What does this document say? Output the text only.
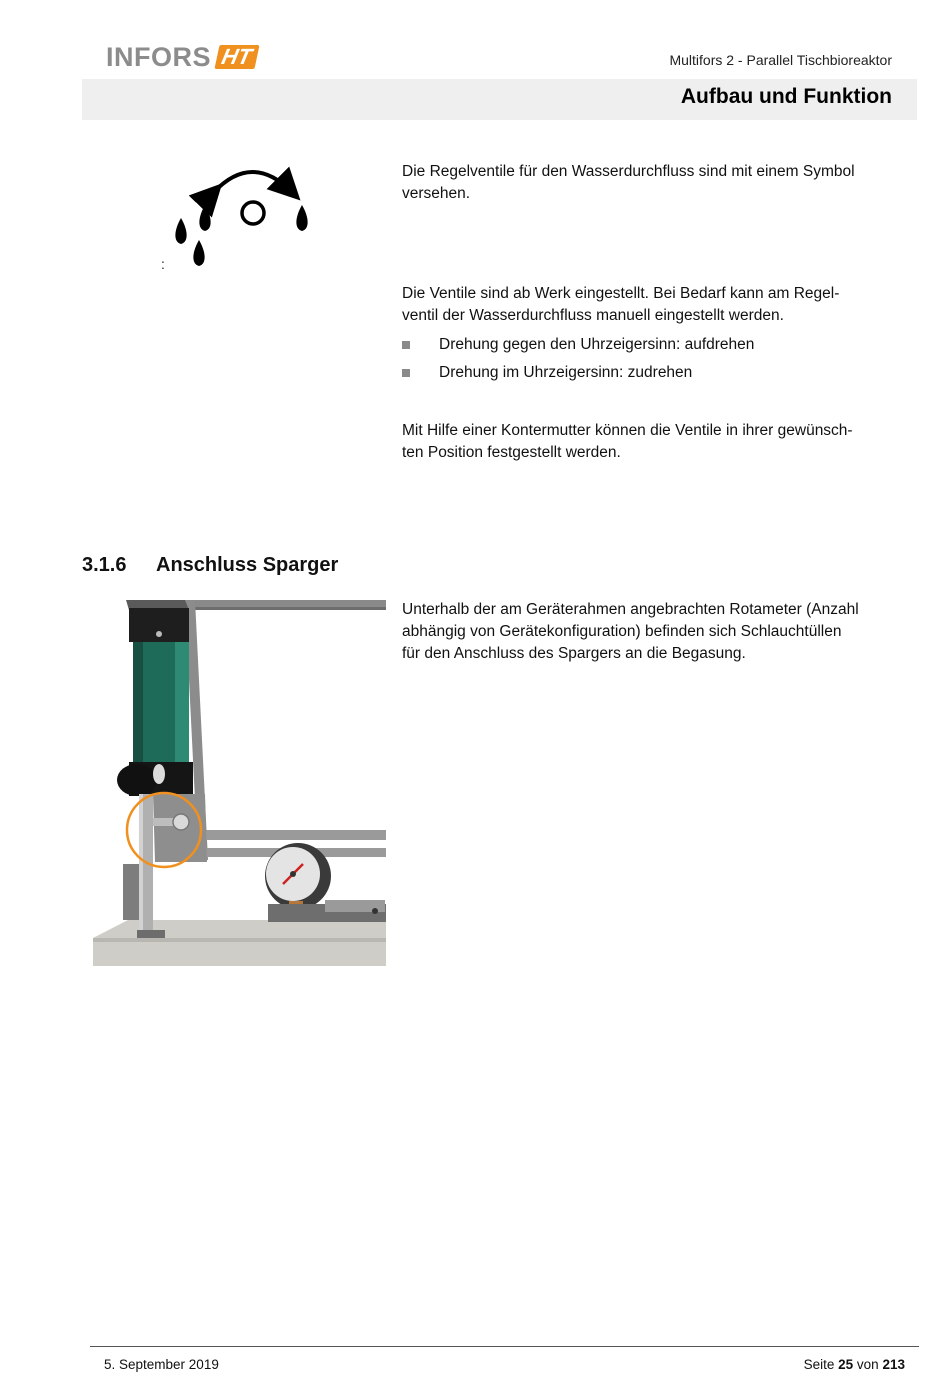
INFORS HT	Multifors 2 - Parallel Tischbioreaktor
Aufbau und Funktion
:
Die Regelventile für den Wasserdurchfluss sind mit einem Symbol
versehen.
Die Ventile sind ab Werk eingestellt. Bei Bedarf kann am Regel-
ventil der Wasserdurchfluss manuell eingestellt werden.
Drehung gegen den Uhrzeigersinn: aufdrehen
Drehung im Uhrzeigersinn: zudrehen
Mit Hilfe einer Kontermutter können die Ventile in ihrer gewünsch-
ten Position festgestellt werden.
3.1.6	Anschluss Sparger
Unterhalb der am Geräterahmen angebrachten Rotameter (Anzahl
abhängig von Gerätekonfiguration) befinden sich Schlauchtüllen
für den Anschluss des Spargers an die Begasung.
5. September 2019	Seite 25 von 213
